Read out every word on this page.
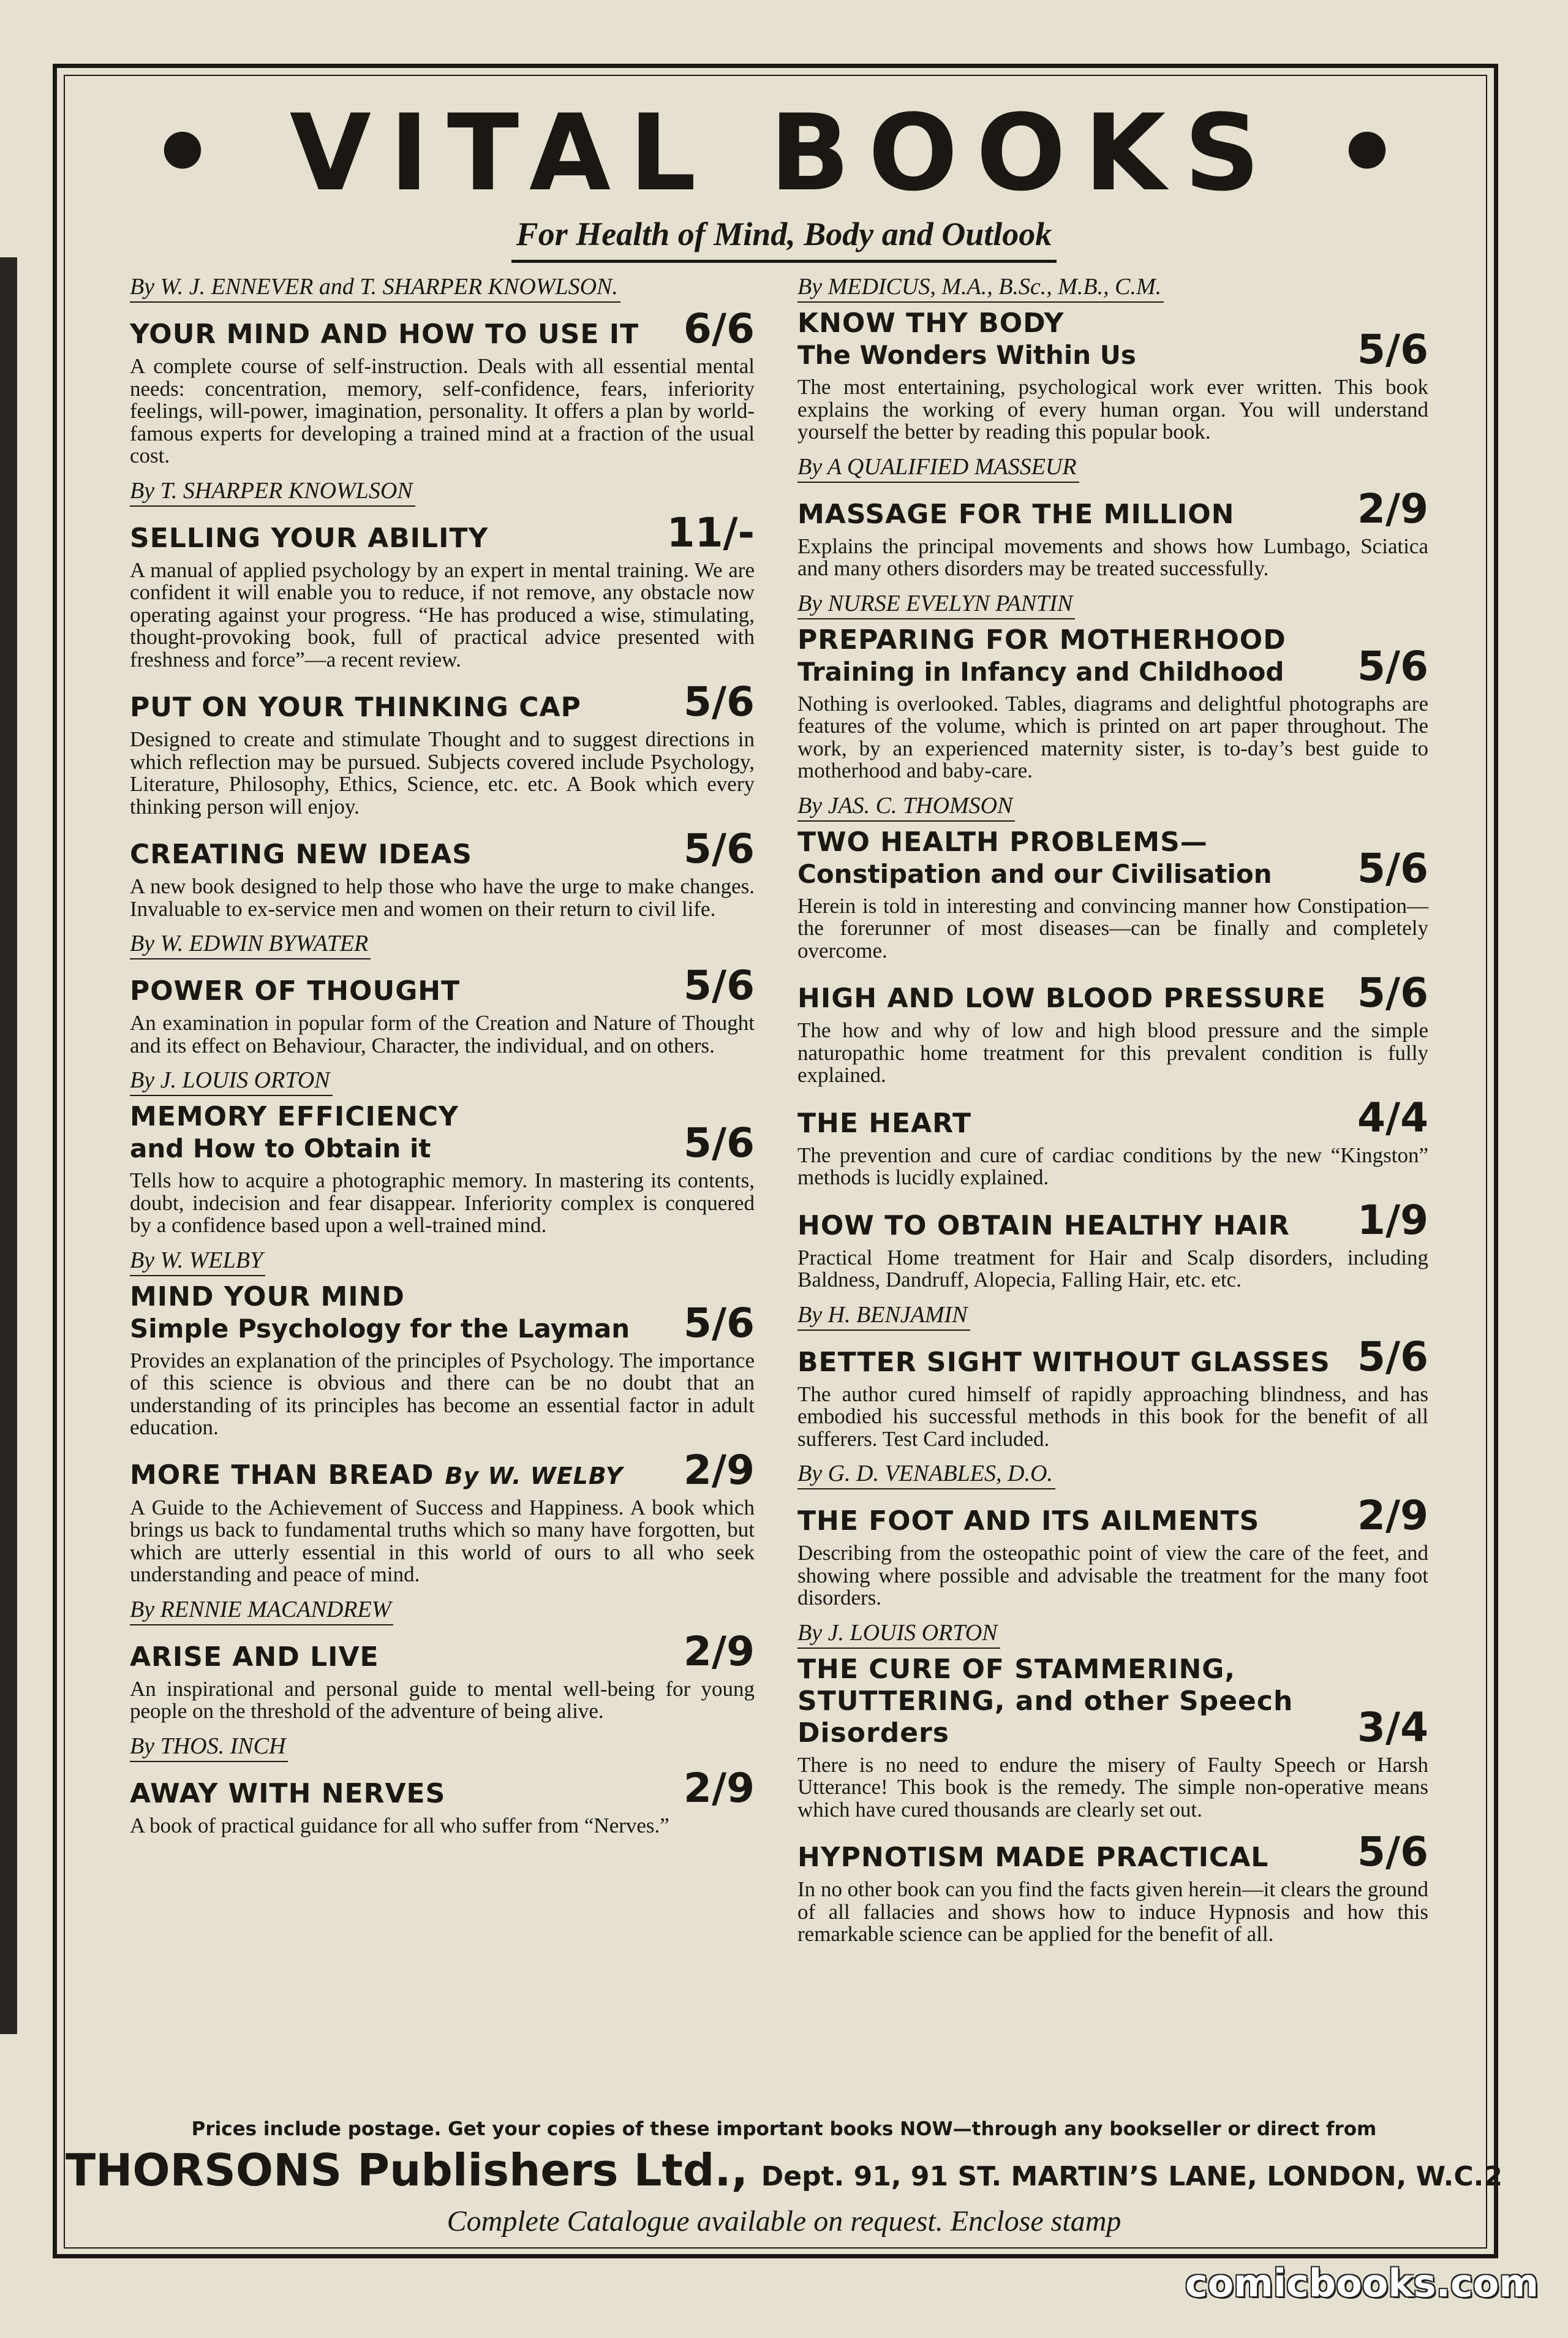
• VITAL BOOKS •
For Health of Mind, Body and Outlook
By W. J. ENNEVER and T. SHARPER KNOWLSON.
YOUR MIND AND HOW TO USE IT	6/6
A complete course of self-instruction. Deals with all essential mental needs: concentration, memory, self-confidence, fears, inferiority feelings, will-power, imagination, personality. It offers a plan by world-famous experts for developing a trained mind at a fraction of the usual cost.
By T. SHARPER KNOWLSON
SELLING YOUR ABILITY	11/-
A manual of applied psychology by an expert in mental training. We are confident it will enable you to reduce, if not remove, any obstacle now operating against your progress. “He has produced a wise, stimulating, thought-provoking book, full of practical advice presented with freshness and force”—a recent review.
PUT ON YOUR THINKING CAP	5/6
Designed to create and stimulate Thought and to suggest directions in which reflection may be pursued. Subjects covered include Psychology, Literature, Philosophy, Ethics, Science, etc. etc. A Book which every thinking person will enjoy.
CREATING NEW IDEAS	5/6
A new book designed to help those who have the urge to make changes. Invaluable to ex-service men and women on their return to civil life.
By W. EDWIN BYWATER
POWER OF THOUGHT	5/6
An examination in popular form of the Creation and Nature of Thought and its effect on Behaviour, Character, the individual, and on others.
By J. LOUIS ORTON
MEMORY EFFICIENCY
and How to Obtain it	5/6
Tells how to acquire a photographic memory. In mastering its contents, doubt, indecision and fear disappear. Inferiority complex is conquered by a confidence based upon a well-trained mind.
By W. WELBY
MIND YOUR MIND
Simple Psychology for the Layman	5/6
Provides an explanation of the principles of Psychology. The importance of this science is obvious and there can be no doubt that an understanding of its principles has become an essential factor in adult education.
MORE THAN BREAD By W. WELBY	2/9
A Guide to the Achievement of Success and Happiness. A book which brings us back to fundamental truths which so many have forgotten, but which are utterly essential in this world of ours to all who seek understanding and peace of mind.
By RENNIE MACANDREW
ARISE AND LIVE	2/9
An inspirational and personal guide to mental well-being for young people on the threshold of the adventure of being alive.
By THOS. INCH
AWAY WITH NERVES	2/9
A book of practical guidance for all who suffer from “Nerves.”
By MEDICUS, M.A., B.Sc., M.B., C.M.
KNOW THY BODY
The Wonders Within Us	5/6
The most entertaining, psychological work ever written. This book explains the working of every human organ. You will understand yourself the better by reading this popular book.
By A QUALIFIED MASSEUR
MASSAGE FOR THE MILLION	2/9
Explains the principal movements and shows how Lumbago, Sciatica and many others disorders may be treated successfully.
By NURSE EVELYN PANTIN
PREPARING FOR MOTHERHOOD
Training in Infancy and Childhood	5/6
Nothing is overlooked. Tables, diagrams and delightful photographs are features of the volume, which is printed on art paper throughout. The work, by an experienced maternity sister, is to-day’s best guide to motherhood and baby-care.
By JAS. C. THOMSON
TWO HEALTH PROBLEMS—
Constipation and our Civilisation	5/6
Herein is told in interesting and convincing manner how Constipation—the forerunner of most diseases—can be finally and completely overcome.
HIGH AND LOW BLOOD PRESSURE 5/6
The how and why of low and high blood pressure and the simple naturopathic home treatment for this prevalent condition is fully explained.
THE HEART	4/4
The prevention and cure of cardiac conditions by the new “Kingston” methods is lucidly explained.
HOW TO OBTAIN HEALTHY HAIR	1/9
Practical Home treatment for Hair and Scalp disorders, including Baldness, Dandruff, Alopecia, Falling Hair, etc. etc.
By H. BENJAMIN
BETTER SIGHT WITHOUT GLASSES 5/6
The author cured himself of rapidly approaching blindness, and has embodied his successful methods in this book for the benefit of all sufferers. Test Card included.
By G. D. VENABLES, D.O.
THE FOOT AND ITS AILMENTS	2/9
Describing from the osteopathic point of view the care of the feet, and showing where possible and advisable the treatment for the many foot disorders.
By J. LOUIS ORTON
THE CURE OF STAMMERING, STUTTERING, and other Speech Disorders	3/4
There is no need to endure the misery of Faulty Speech or Harsh Utterance! This book is the remedy. The simple non-operative means which have cured thousands are clearly set out.
HYPNOTISM MADE PRACTICAL	5/6
In no other book can you find the facts given herein—it clears the ground of all fallacies and shows how to induce Hypnosis and how this remarkable science can be applied for the benefit of all.
Prices include postage. Get your copies of these important books NOW—through any bookseller or direct from
THORSONS Publishers Ltd., Dept. 91, 91 ST. MARTIN’S LANE, LONDON, W.C.2
Complete Catalogue available on request. Enclose stamp
comicbooks.com
